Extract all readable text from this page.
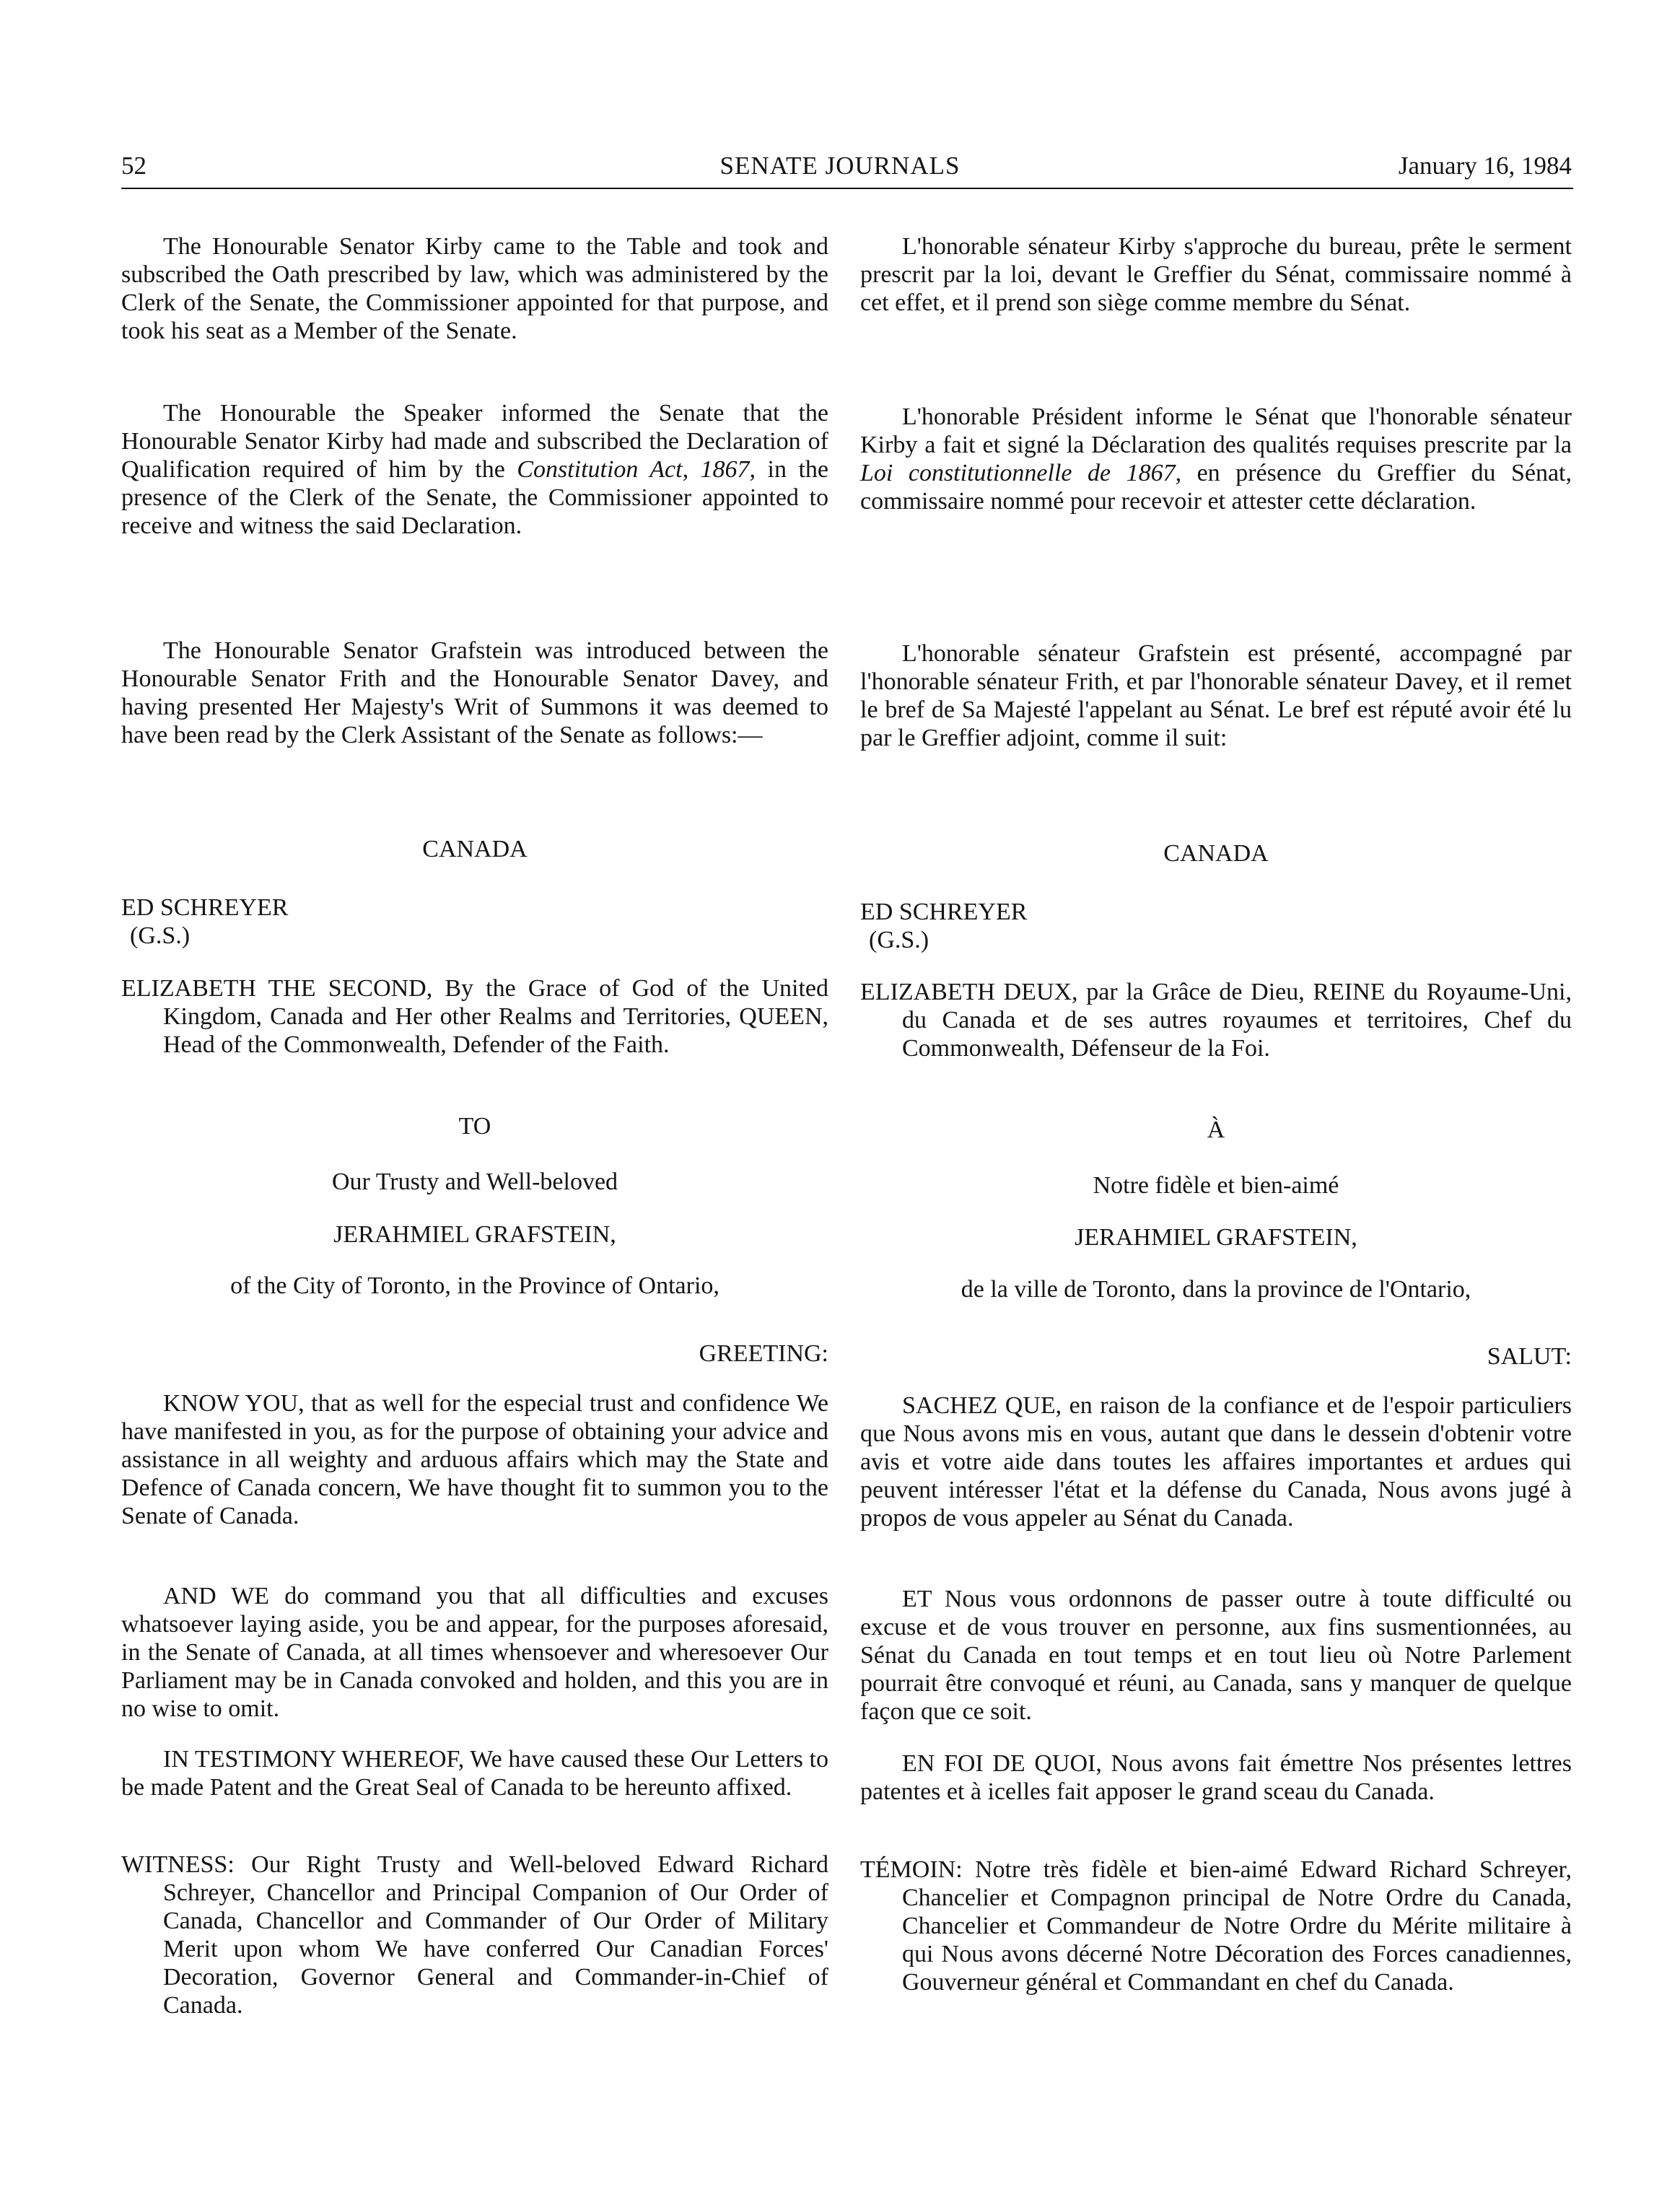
52	SENATE JOURNALS	January 16, 1984

The Honourable Senator Kirby came to the Table and took and subscribed the Oath prescribed by law, which was administered by the Clerk of the Senate, the Commissioner appointed for that purpose, and took his seat as a Member of the Senate.

The Honourable the Speaker informed the Senate that the Honourable Senator Kirby had made and subscribed the Declaration of Qualification required of him by the Constitution Act, 1867, in the presence of the Clerk of the Senate, the Commissioner appointed to receive and witness the said Declaration.

The Honourable Senator Grafstein was introduced between the Honourable Senator Frith and the Honourable Senator Davey, and having presented Her Majesty's Writ of Summons it was deemed to have been read by the Clerk Assistant of the Senate as follows:—

CANADA
ED SCHREYER
(G.S.)

ELIZABETH THE SECOND, By the Grace of God of the United Kingdom, Canada and Her other Realms and Territories, QUEEN, Head of the Commonwealth, Defender of the Faith.

TO
Our Trusty and Well-beloved
JERAHMIEL GRAFSTEIN,
of the City of Toronto, in the Province of Ontario,
GREETING:

KNOW YOU, that as well for the especial trust and confidence We have manifested in you, as for the purpose of obtaining your advice and assistance in all weighty and arduous affairs which may the State and Defence of Canada concern, We have thought fit to summon you to the Senate of Canada.

AND WE do command you that all difficulties and excuses whatsoever laying aside, you be and appear, for the purposes aforesaid, in the Senate of Canada, at all times whensoever and wheresoever Our Parliament may be in Canada convoked and holden, and this you are in no wise to omit.

IN TESTIMONY WHEREOF, We have caused these Our Letters to be made Patent and the Great Seal of Canada to be hereunto affixed.

WITNESS: Our Right Trusty and Well-beloved Edward Richard Schreyer, Chancellor and Principal Companion of Our Order of Canada, Chancellor and Commander of Our Order of Military Merit upon whom We have conferred Our Canadian Forces' Decoration, Governor General and Commander-in-Chief of Canada.

L'honorable sénateur Kirby s'approche du bureau, prête le serment prescrit par la loi, devant le Greffier du Sénat, commissaire nommé à cet effet, et il prend son siège comme membre du Sénat.

L'honorable Président informe le Sénat que l'honorable sénateur Kirby a fait et signé la Déclaration des qualités requises prescrite par la Loi constitutionnelle de 1867, en présence du Greffier du Sénat, commissaire nommé pour recevoir et attester cette déclaration.

L'honorable sénateur Grafstein est présenté, accompagné par l'honorable sénateur Frith, et par l'honorable sénateur Davey, et il remet le bref de Sa Majesté l'appelant au Sénat. Le bref est réputé avoir été lu par le Greffier adjoint, comme il suit:

CANADA
ED SCHREYER
(G.S.)

ELIZABETH DEUX, par la Grâce de Dieu, REINE du Royaume-Uni, du Canada et de ses autres royaumes et territoires, Chef du Commonwealth, Défenseur de la Foi.

À
Notre fidèle et bien-aimé
JERAHMIEL GRAFSTEIN,
de la ville de Toronto, dans la province de l'Ontario,
SALUT:

SACHEZ QUE, en raison de la confiance et de l'espoir particuliers que Nous avons mis en vous, autant que dans le dessein d'obtenir votre avis et votre aide dans toutes les affaires importantes et ardues qui peuvent intéresser l'état et la défense du Canada, Nous avons jugé à propos de vous appeler au Sénat du Canada.

ET Nous vous ordonnons de passer outre à toute difficulté ou excuse et de vous trouver en personne, aux fins susmentionnées, au Sénat du Canada en tout temps et en tout lieu où Notre Parlement pourrait être convoqué et réuni, au Canada, sans y manquer de quelque façon que ce soit.

EN FOI DE QUOI, Nous avons fait émettre Nos présentes lettres patentes et à icelles fait apposer le grand sceau du Canada.

TÉMOIN: Notre très fidèle et bien-aimé Edward Richard Schreyer, Chancelier et Compagnon principal de Notre Ordre du Canada, Chancelier et Commandeur de Notre Ordre du Mérite militaire à qui Nous avons décerné Notre Décoration des Forces canadiennes, Gouverneur général et Commandant en chef du Canada.
